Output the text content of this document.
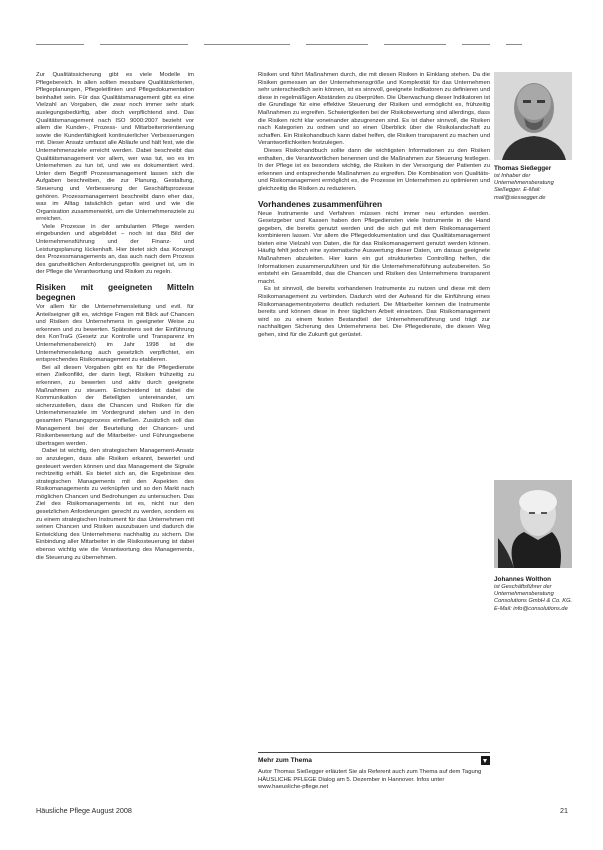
Zur Qualitätssicherung gibt es viele Modelle im Pflegebereich. In allen sollten messbare Qualitätskriterien, Pflegeplanungen, Pflegeleitlinien und Pflegedokumentation beinhaltet sein. Für das Qualitätsmanagement gibt es eine Vielzahl an Vorgaben, die zwar noch immer sehr stark auslegungsbedürftig, aber doch verpflichtend sind. Das Qualitätsmanagement nach ISO 9000:2007 bezieht vor allem die Kunden-, Prozess- und Mitarbeiterorientierung sowie die Kundenfähigkeit kontinuierlicher Verbesserungen mit. Dieser Ansatz umfasst alle Abläufe und hält fest, wie die Unternehmensziele erreicht werden. Dabei beschreibt das Qualitätsmanagement vor allem, wer was tut, wo es im Unternehmen zu tun ist, und wie es dokumentiert wird. Unter dem Begriff Prozessmanagement lassen sich die Aufgaben beschreiben, die zur Planung, Gestaltung, Steuerung und Verbesserung der Geschäftsprozesse gehören. Prozessmanagement beschreibt dann eher das, was im Alltag tatsächlich getan wird und wie die Organisation zusammenwirkt, um die Unternehmensziele zu erreichen.

Viele Prozesse in der ambulanten Pflege werden eingebunden und abgebildet – noch ist das Bild der Unternehmensführung und der Finanz- und Leistungsplanung lückenhaft. Hier bietet sich das Konzept des Prozessmanagements an, das auch nach dem Prozess des ganzheitlichen Anforderungsprofils geeignet ist, um in der Pflege die Verantwortung und Risiken zu regeln.

Risiken mit geeigneten Mitteln begegnen

Vor allem für die Unternehmensleitung und evtl. für Anteilseigner gilt es, wichtige Fragen mit Blick auf Chancen und Risiken des Unternehmens in geeigneter Weise zu erkennen und zu bewerten. Spätestens seit der Einführung des KonTraG (Gesetz zur Kontrolle und Transparenz im Unternehmensbereich) im Jahr 1998 ist die Unternehmensleitung auch gesetzlich verpflichtet, ein entsprechendes Risikomanagement zu etablieren.

Bei all diesen Vorgaben gibt es für die Pflegedienste einen Zielkonflikt, der darin liegt, Risiken frühzeitig zu erkennen, zu bewerten und aktiv durch geeignete Maßnahmen zu steuern. Entscheidend ist dabei die Kommunikation der Beteiligten untereinander, um sicherzustellen, dass die Chancen und Risiken für die Unternehmensziele im Vordergrund stehen und in den gesamten Planungsprozess einfließen. Zusätzlich soll das Management bei der Beurteilung der Chancen- und Risikenbewertung auf die Mitarbeiter- und Führungsebene übertragen werden.

Dabei ist wichtig, den strategischen Management-Ansatz so anzulegen, dass alle Risiken erkannt, bewertet und gesteuert werden können und das Management die Signale rechtzeitig erhält. Es bietet sich an, die Ergebnisse des strategischen Managements mit den Aspekten des Risikomanagements zu verknüpfen und so den Markt nach möglichen Chancen und Bedrohungen zu untersuchen. Das Ziel des Risikomanagements ist es, nicht nur den gesetzlichen Anforderungen gerecht zu werden, sondern es zu einem strategischen Instrument für das Unternehmen mit seinen Chancen und Risiken auszubauen und dadurch die Entwicklung des Unternehmens nachhaltig zu sichern. Die Einbindung aller Mitarbeiter in die Risikosteuerung ist dabei ebenso wichtig wie die Verantwortung des Managements, die Steuerung zu übernehmen.

Risiken und führt Maßnahmen durch, die mit diesen Risiken in Einklang stehen. Da die Risiken gemessen an der Unternehmensgröße und Komplexität für das Unternehmen sehr unterschiedlich sein können, ist es sinnvoll, geeignete Indikatoren zu definieren und diese in regelmäßigen Abständen zu überprüfen. Die Überwachung dieser Indikatoren ist die Grundlage für eine effektive Steuerung der Risiken und ermöglicht es, frühzeitig Maßnahmen zu ergreifen. Schwierigkeiten bei der Risikobewertung sind allerdings, dass die Risiken nicht klar voneinander abzugrenzen sind. Es ist daher sinnvoll, die Risiken nach Kategorien zu ordnen und so einen Überblick über die Risikolandschaft zu schaffen. Ein Risikohandbuch kann dabei helfen, die Risiken transparent zu machen und Verantwortlichkeiten festzulegen.

Dieses Risikohandbuch sollte dann die wichtigsten Informationen zu den Risiken enthalten, die Verantwortlichen benennen und die Maßnahmen zur Steuerung festlegen. In der Pflege ist es besonders wichtig, die Risiken in der Versorgung der Patienten zu erkennen und entsprechende Maßnahmen zu ergreifen. Die Kombination von Qualitäts- und Risikomanagement ermöglicht es, die Prozesse im Unternehmen zu optimieren und gleichzeitig die Risiken zu reduzieren.

Vorhandenes zusammenführen

Neue Instrumente und Verfahren müssen nicht immer neu erfunden werden. Gesetzgeber und Kassen haben den Pflegediensten viele Instrumente in die Hand gegeben, die bereits genutzt werden und die sich gut mit dem Risikomanagement kombinieren lassen. Vor allem die Pflegedokumentation und das Qualitätsmanagement bieten eine Vielzahl von Daten, die für das Risikomanagement genutzt werden können. Häufig fehlt jedoch eine systematische Auswertung dieser Daten, um daraus geeignete Maßnahmen abzuleiten. Hier kann ein gut strukturiertes Controlling helfen, die Informationen zusammenzuführen und für die Unternehmensführung aufzubereiten. So entsteht ein Gesamtbild, das die Chancen und Risiken des Unternehmens transparent macht.

Es ist sinnvoll, die bereits vorhandenen Instrumente zu nutzen und diese mit dem Risikomanagement zu verbinden. Dadurch wird der Aufwand für die Einführung eines Risikomanagementsystems deutlich reduziert. Die Mitarbeiter kennen die Instrumente bereits und können diese in ihrer täglichen Arbeit einsetzen. Das Risikomanagement wird so zu einem festen Bestandteil der Unternehmensführung und trägt zur nachhaltigen Sicherung des Unternehmens bei. Die Pflegedienste, die diesen Weg gehen, sind für die Zukunft gut gerüstet.

Thomas Sießegger
ist Inhaber der Unternehmensberatung Sießegger. E-Mail: mail@siessegger.de
Johannes Wolthon
ist Geschäftsführer der Unternehmensberatung Consolutions GmbH & Co. KG. E-Mail: info@consolutions.de
Mehr zum Thema
Autor Thomas Sießegger erläutert Sie als Referent auch zum Thema auf dem Tagung HÄUSLICHE PFLEGE Dialog am 5. Dezember in Hannover. Infos unter www.haeusliche-pflege.net
Häusliche Pflege August 2008	21
